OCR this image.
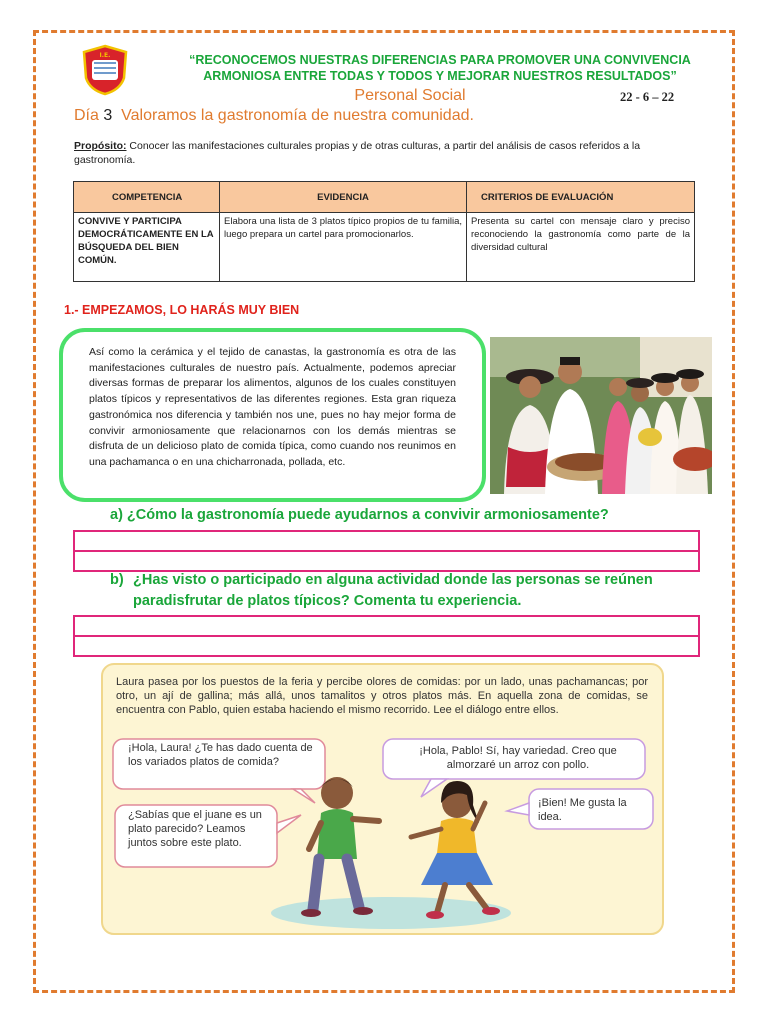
I.E.	“RECONOCEMOS NUESTRAS DIFERENCIAS PARA PROMOVER UNA CONVIVENCIA ARMONIOSA ENTRE TODAS Y TODOS Y MEJORAR NUESTROS RESULTADOS”
Personal Social	22 - 6 – 22
Día 3 Valoramos la gastronomía de nuestra comunidad.
Propósito: Conocer las manifestaciones culturales propias y de otras culturas, a partir del análisis de casos referidos a la gastronomía.
COMPETENCIA	EVIDENCIA	CRITERIOS DE EVALUACIÓN
CONVIVE Y PARTICIPA DEMOCRÁTICAMENTE EN LA BÚSQUEDA DEL BIEN COMÚN.	Elabora una lista de 3 platos típico propios de tu familia, luego prepara un cartel para promocionarlos.	Presenta su cartel con mensaje claro y preciso reconociendo la gastronomía como parte de la diversidad cultural
1.- EMPEZAMOS, LO HARÁS MUY BIEN
Así como la cerámica y el tejido de canastas, la gastronomía es otra de las manifestaciones culturales de nuestro país. Actualmente, podemos apreciar diversas formas de preparar los alimentos, algunos de los cuales constituyen platos típicos y representativos de las diferentes regiones. Esta gran riqueza gastronómica nos diferencia y también nos une, pues no hay mejor forma de convivir armoniosamente que relacionarnos con los demás mientras se disfruta de un delicioso plato de comida típica, como cuando nos reunimos en una pachamanca o en una chicharronada, pollada, etc.
a) ¿Cómo la gastronomía puede ayudarnos a convivir armoniosamente?
b) ¿Has visto o participado en alguna actividad donde las personas se reúnen
paradisfrutar de platos típicos? Comenta tu experiencia.
Laura pasea por los puestos de la feria y percibe olores de comidas: por un lado, unas pachamancas; por otro, un ají de gallina; más allá, unos tamalitos y otros platos más. En aquella zona de comidas, se encuentra con Pablo, quien estaba haciendo el mismo recorrido. Lee el diálogo entre ellos.
¡Hola, Laura! ¿Te has dado cuenta de los variados platos de comida?
¡Hola, Pablo! Sí, hay variedad. Creo que almorzaré un arroz con pollo.
¿Sabías que el juane es un plato parecido? Leamos juntos sobre este plato.
¡Bien! Me gusta la idea.
